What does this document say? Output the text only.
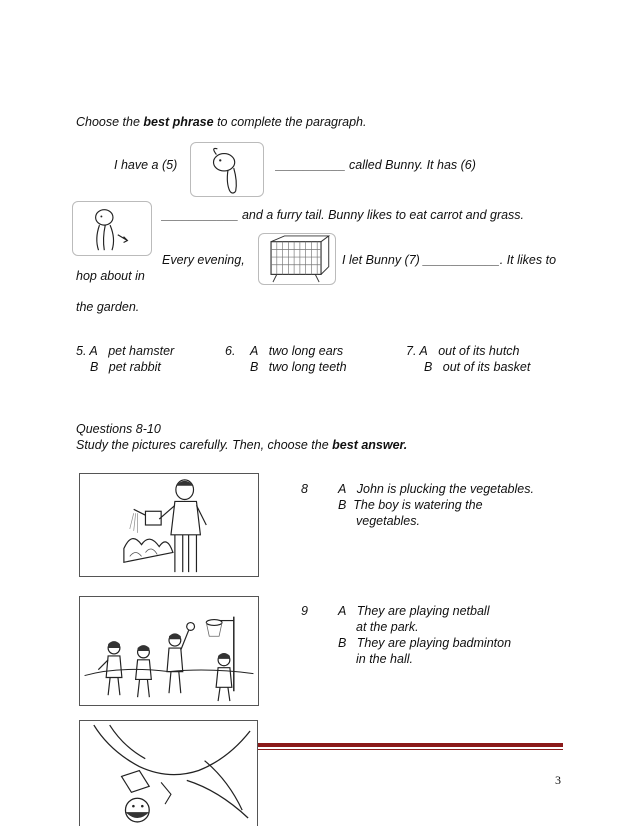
Choose the best phrase to complete the paragraph.
I have a (5)	__________ called Bunny. It has (6)
___________ and a furry tail. Bunny likes to eat carrot and grass.
Every evening,	I let Bunny (7) ___________. It likes to
hop about in
the garden.
5. A pet hamster
B pet rabbit
6. A two long ears
B two long teeth
7. A out of its hutch
B out of its basket
Questions 8-10
Study the pictures carefully. Then, choose the best answer.
8 A John is plucking the vegetables.
B The boy is watering the
vegetables.
9 A They are playing netball
at the park.
B They are playing badminton
in the hall.
3
